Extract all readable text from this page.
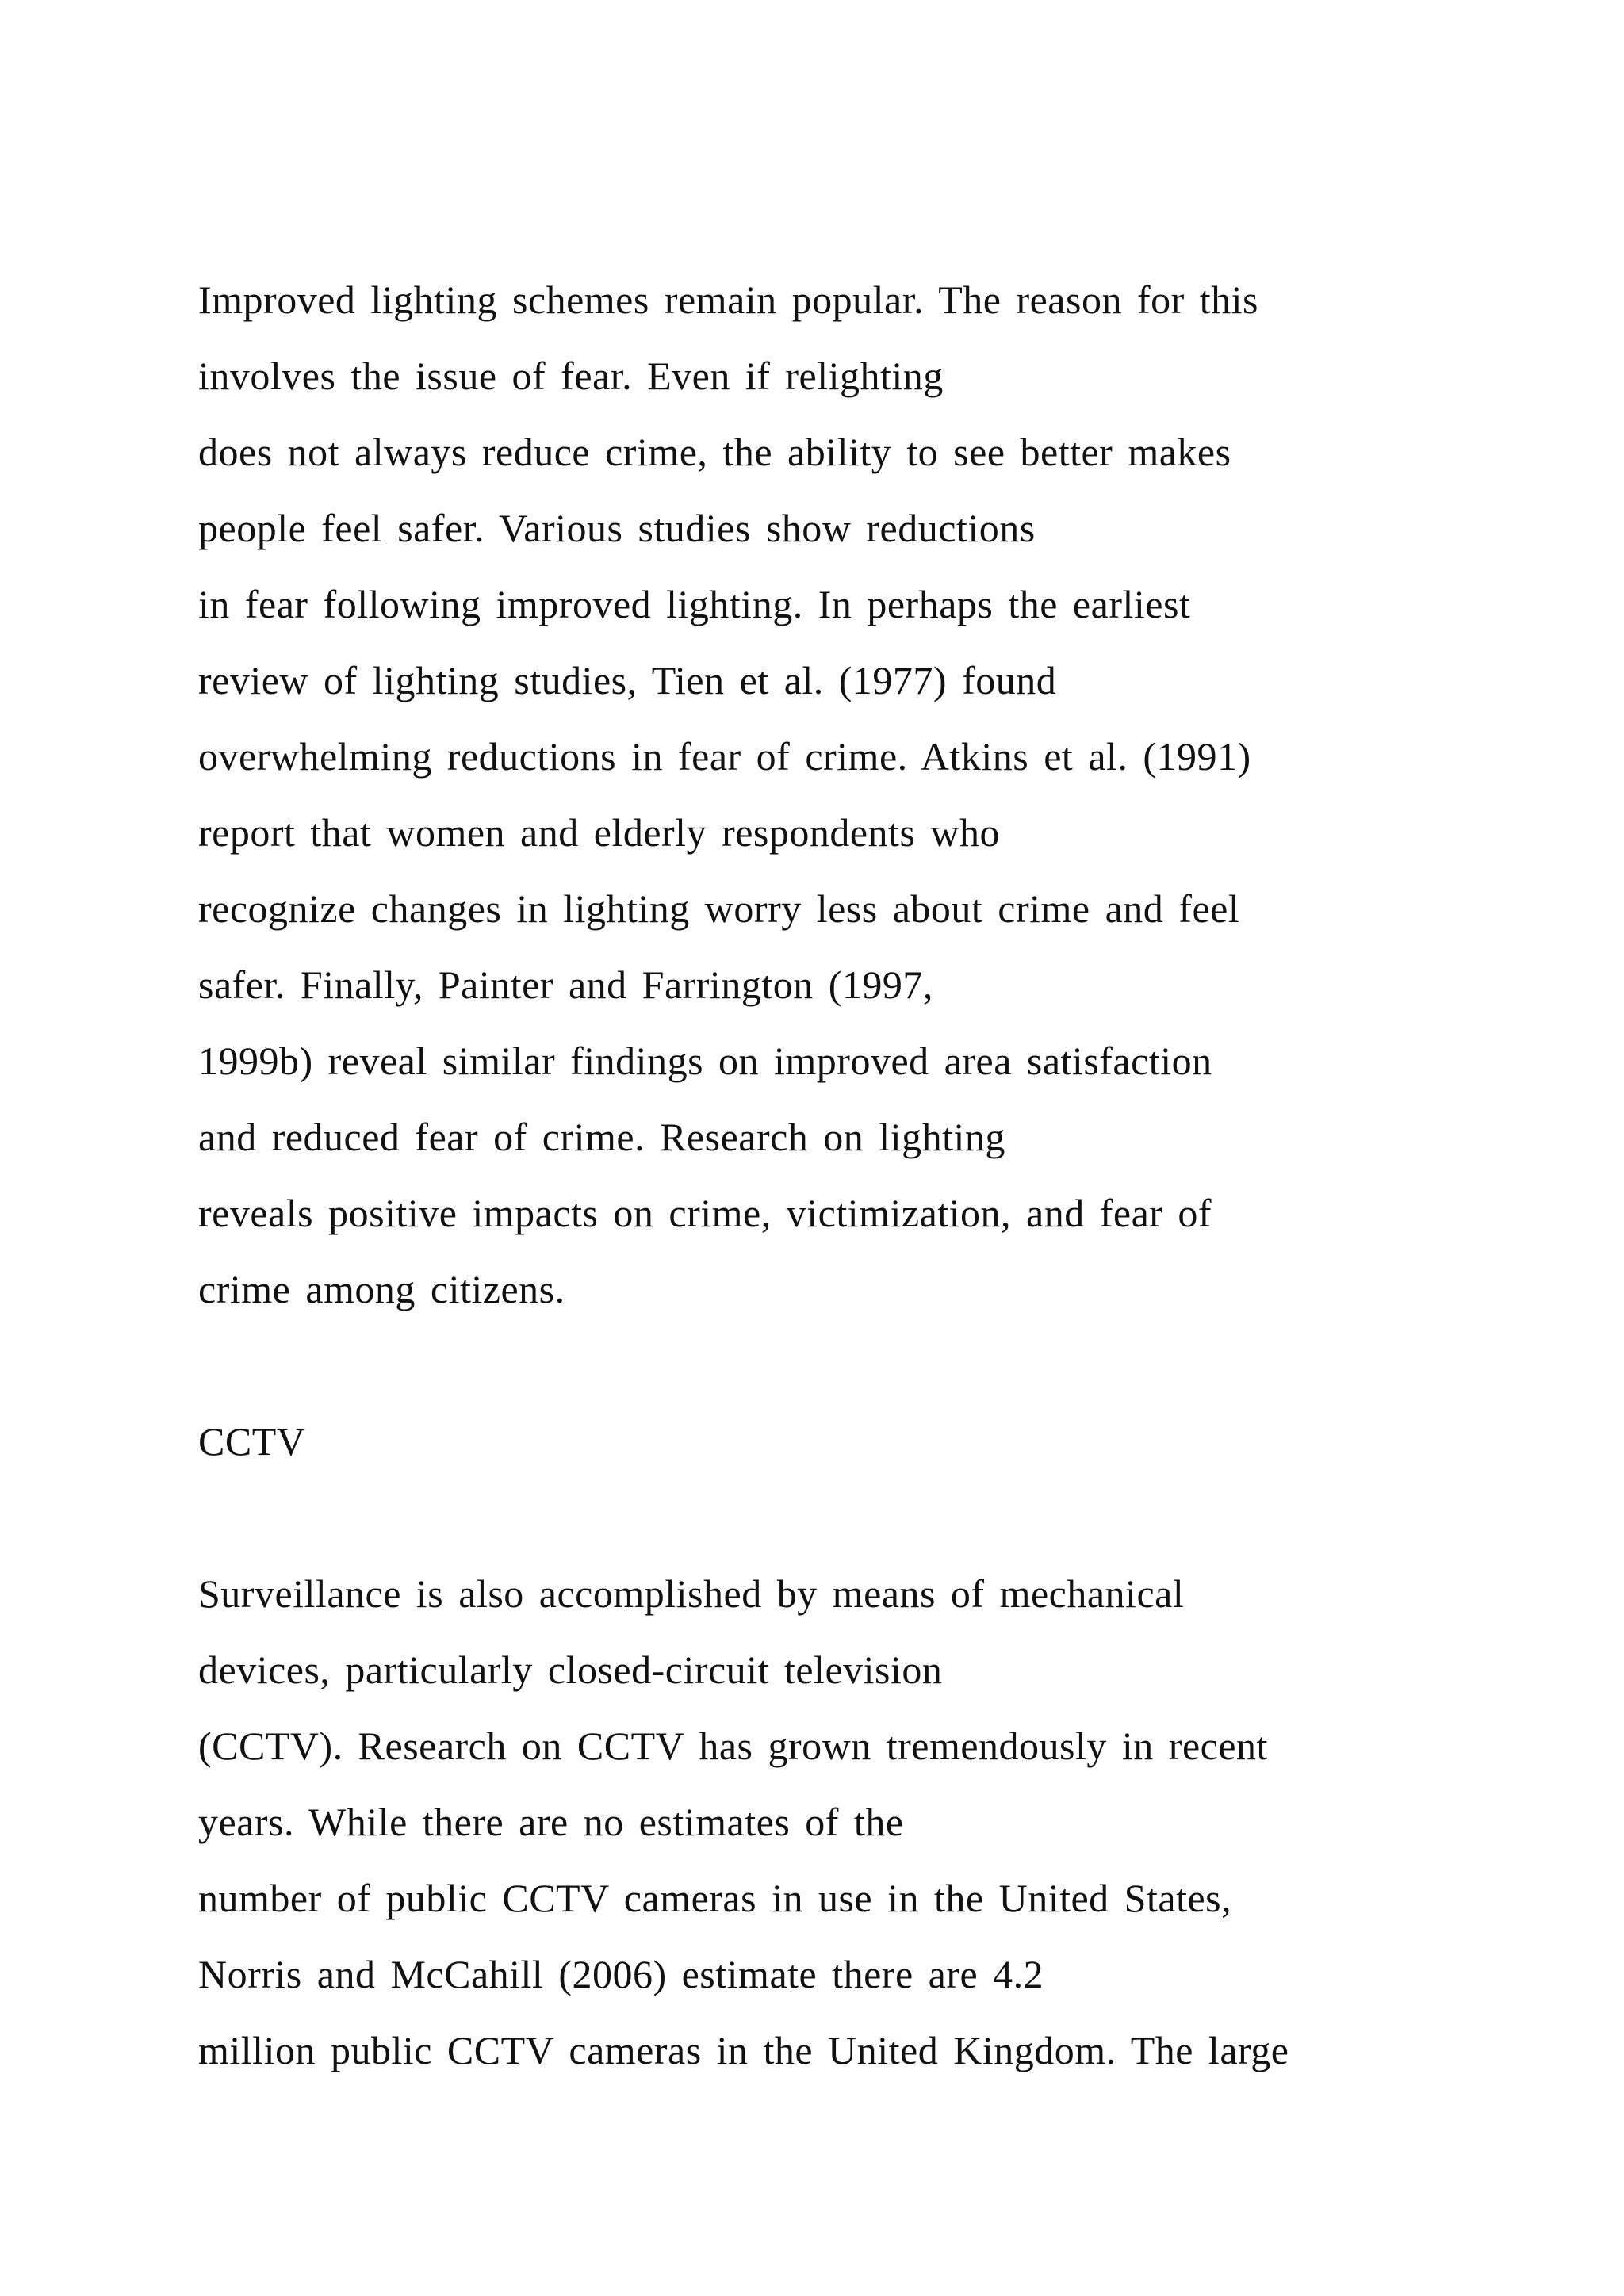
Improved lighting schemes remain popular. The reason for this
involves the issue of fear. Even if relighting
does not always reduce crime, the ability to see better makes
people feel safer. Various studies show reductions
in fear following improved lighting. In perhaps the earliest
review of lighting studies, Tien et al. (1977) found
overwhelming reductions in fear of crime. Atkins et al. (1991)
report that women and elderly respondents who
recognize changes in lighting worry less about crime and feel
safer. Finally, Painter and Farrington (1997,
1999b) reveal similar findings on improved area satisfaction
and reduced fear of crime. Research on lighting
reveals positive impacts on crime, victimization, and fear of
crime among citizens.
CCTV
Surveillance is also accomplished by means of mechanical
devices, particularly closed-circuit television
(CCTV). Research on CCTV has grown tremendously in recent
years. While there are no estimates of the
number of public CCTV cameras in use in the United States,
Norris and McCahill (2006) estimate there are 4.2
million public CCTV cameras in the United Kingdom. The large
